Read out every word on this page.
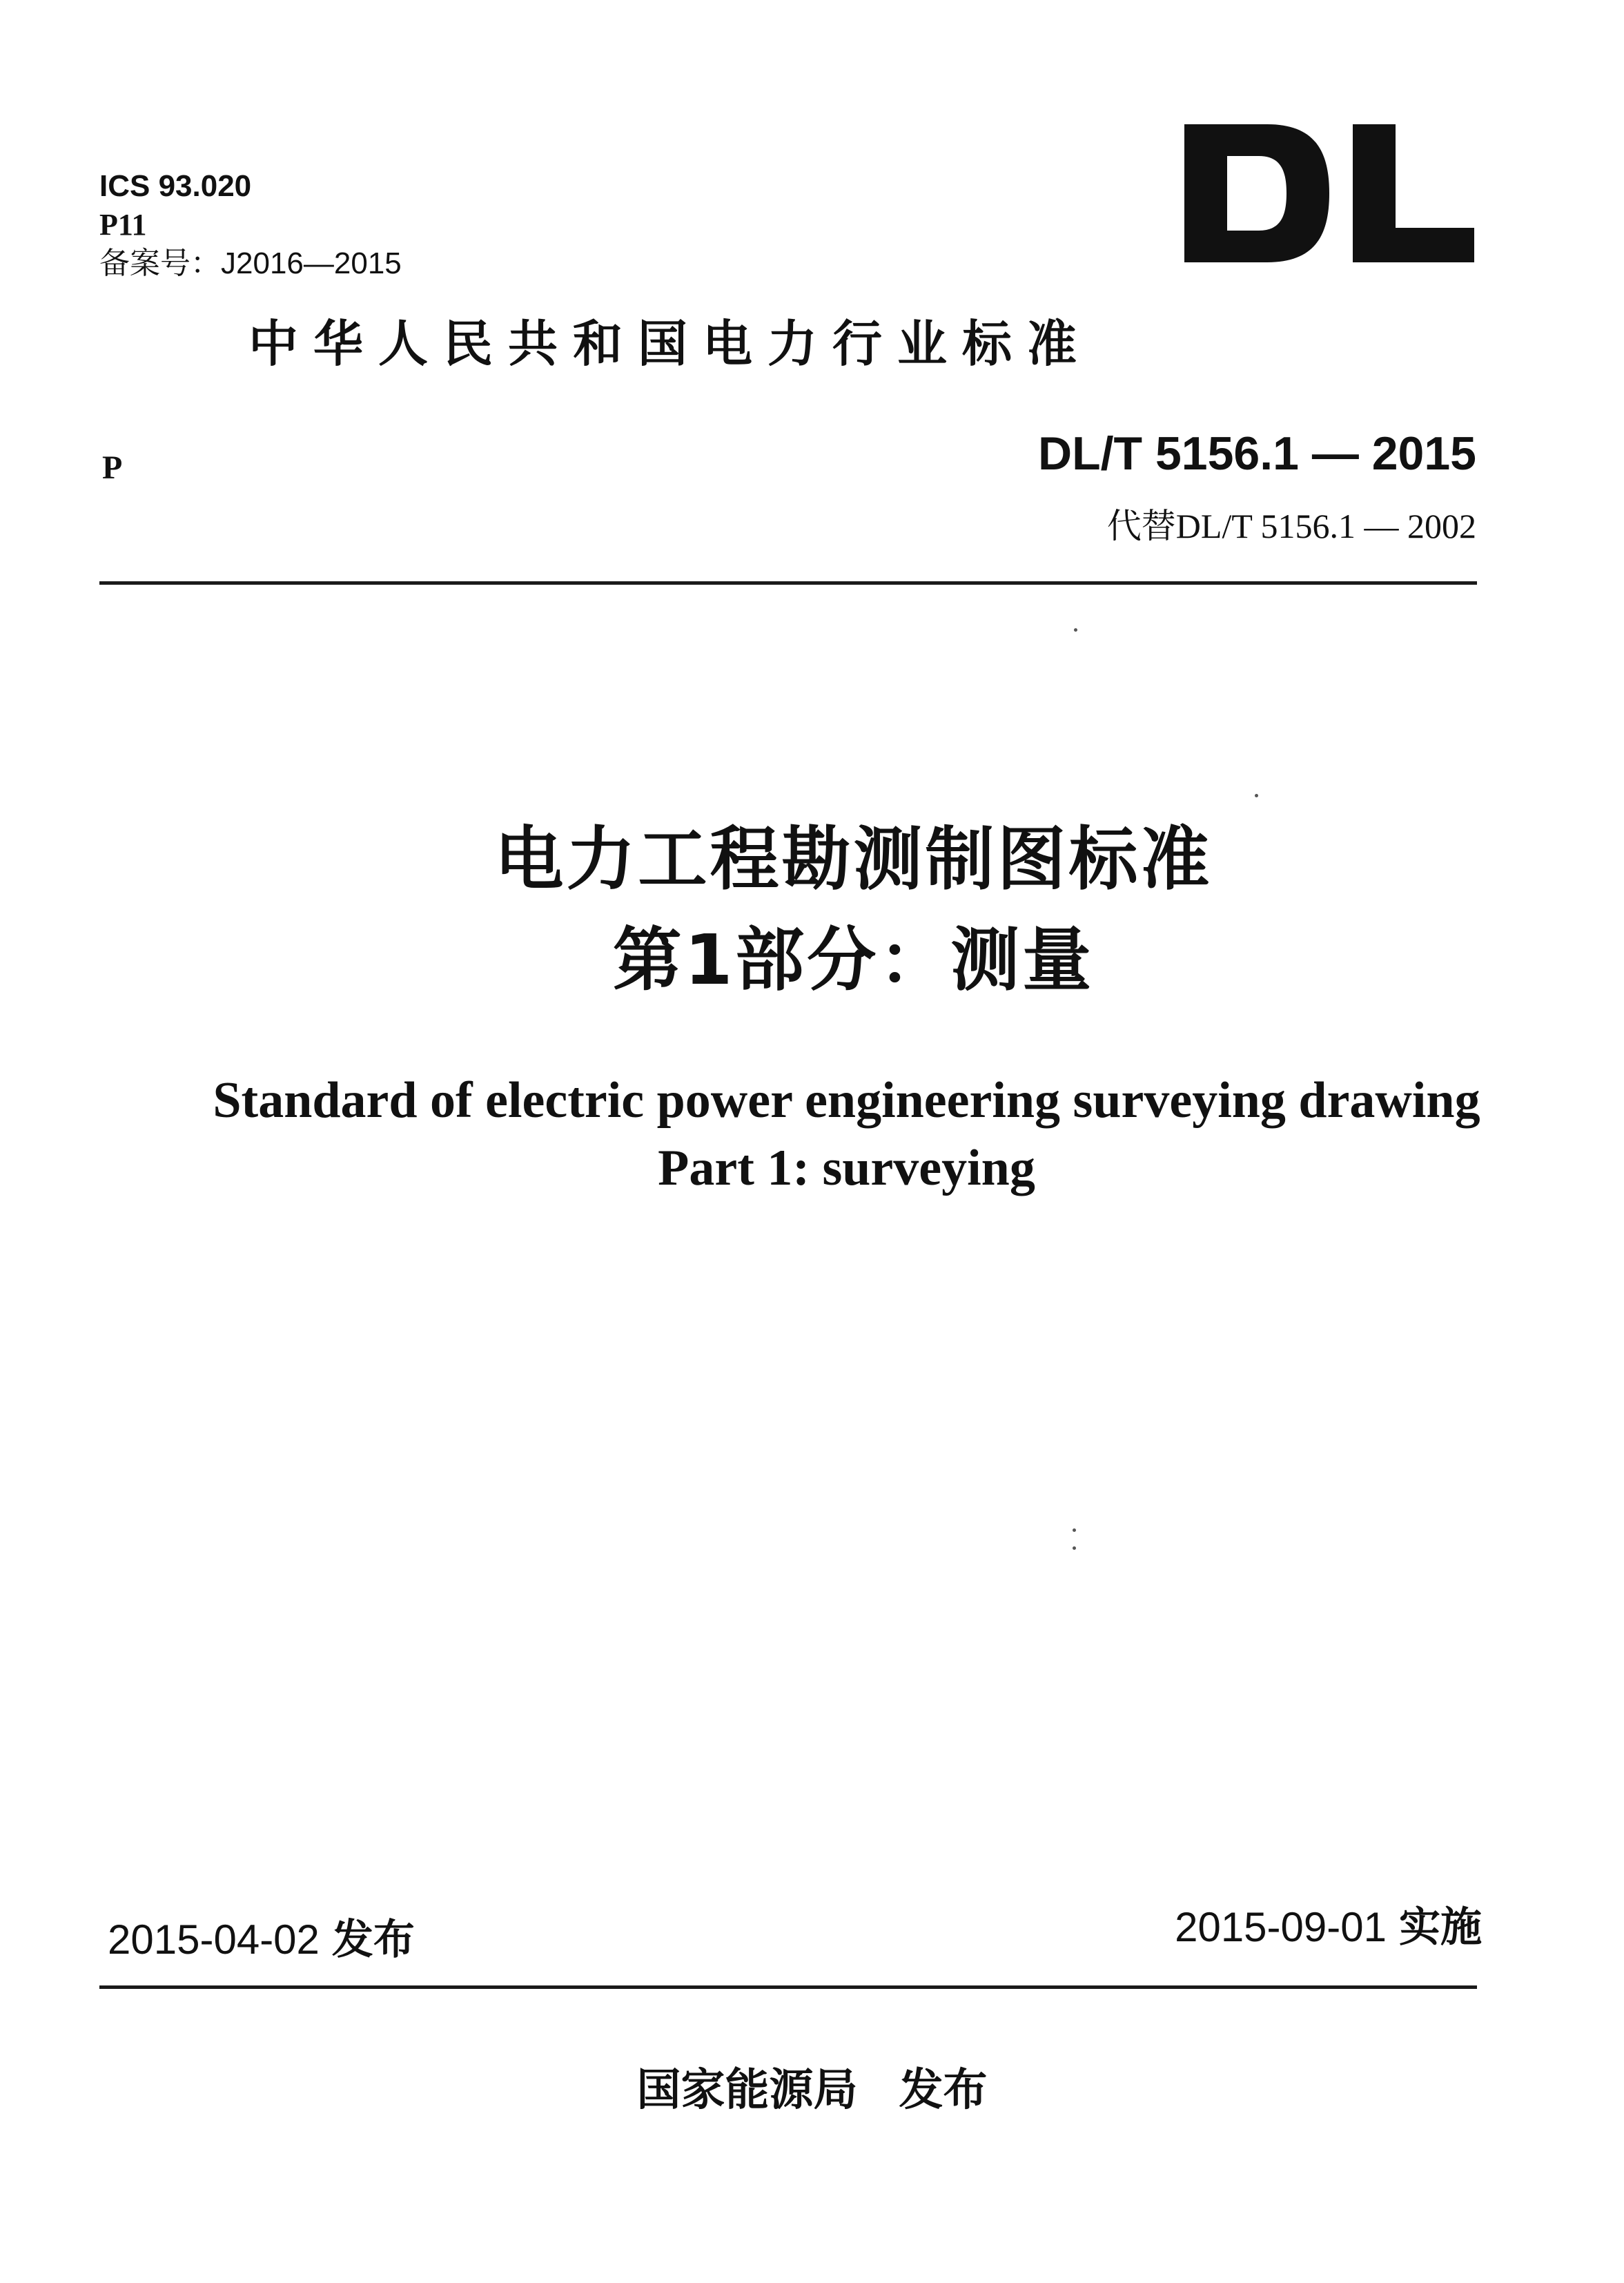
ICS 93.020
P11
备案号：J2016—2015
中华人民共和国电力行业标准
P	DL/T 5156.1 — 2015
代替DL/T 5156.1 — 2002
电力工程勘测制图标准
第1部分：测量
Standard of electric power engineering surveying drawing
Part 1: surveying
2015-04-02 发布	2015-09-01 实施
国家能源局 发布
